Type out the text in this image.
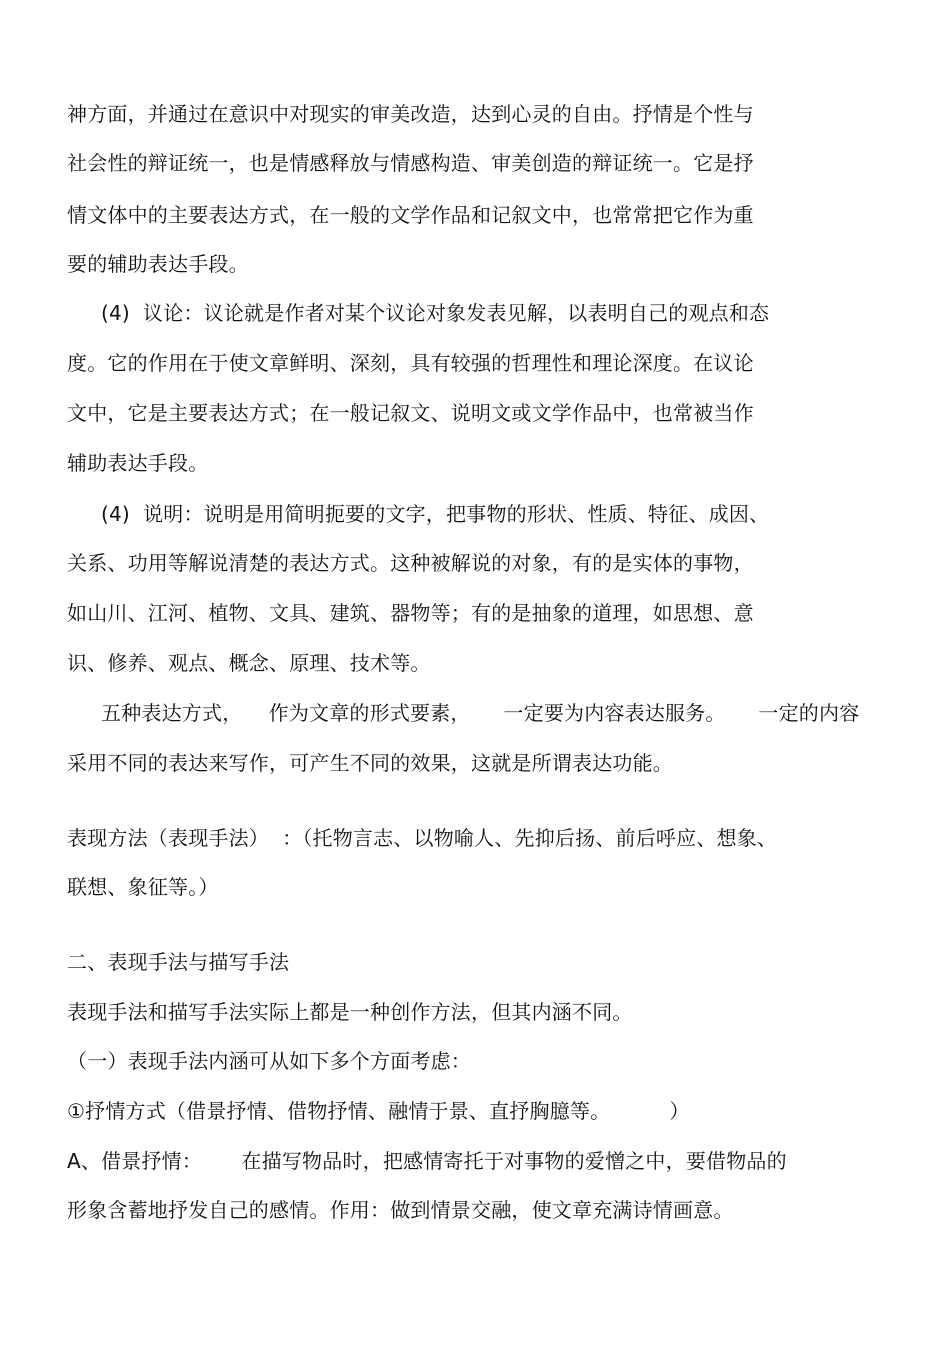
神方面，并通过在意识中对现实的审美改造，达到心灵的自由。抒情是个性与
社会性的辩证统一，也是情感释放与情感构造、审美创造的辩证统一。它是抒
情文体中的主要表达方式，在一般的文学作品和记叙文中，也常常把它作为重
要的辅助表达手段。
(4)  议论：议论就是作者对某个议论对象发表见解，以表明自己的观点和态
度。它的作用在于使文章鲜明、深刻，具有较强的哲理性和理论深度。在议论
文中，它是主要表达方式；在一般记叙文、说明文或文学作品中，也常被当作
辅助表达手段。
(4)  说明：说明是用简明扼要的文字，把事物的形状、性质、特征、成因、
关系、功用等解说清楚的表达方式。这种被解说的对象，有的是实体的事物，
如山川、江河、植物、文具、建筑、器物等；有的是抽象的道理，如思想、意
识、修养、观点、概念、原理、技术等。
五种表达方式，    作为文章的形式要素，     一定要为内容表达服务。     一定的内容
采用不同的表达来写作，可产生不同的效果，这就是所谓表达功能。
表现方法（表现手法）  ：（托物言志、以物喻人、先抑后扬、前后呼应、想象、
联想、象征等。）
二、表现手法与描写手法
表现手法和描写手法实际上都是一种创作方法，但其内涵不同。
（一）表现手法内涵可从如下多个方面考虑：
①抒情方式（借景抒情、借物抒情、融情于景、直抒胸臆等。         ）
A、借景抒情：      在描写物品时，把感情寄托于对事物的爱憎之中，要借物品的
形象含蓄地抒发自己的感情。作用：做到情景交融，使文章充满诗情画意。
